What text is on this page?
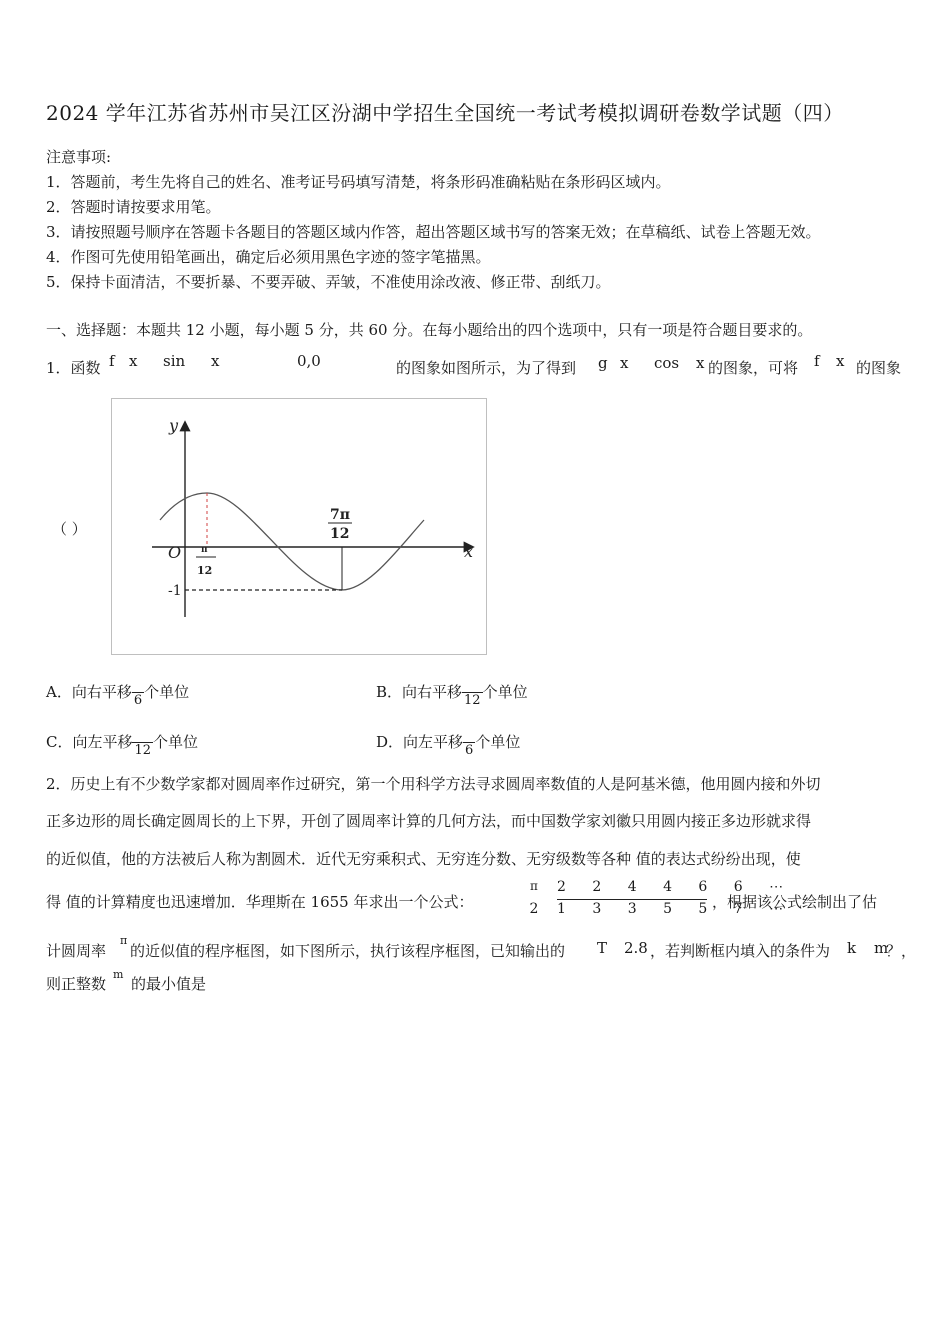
2024 学年江苏省苏州市吴江区汾湖中学招生全国统一考试考模拟调研卷数学试题（四）
注意事项:
1．答题前，考生先将自己的姓名、准考证号码填写清楚，将条形码准确粘贴在条形码区域内。
2．答题时请按要求用笔。
3．请按照题号顺序在答题卡各题目的答题区域内作答，超出答题区域书写的答案无效；在草稿纸、试卷上答题无效。
4．作图可先使用铅笔画出，确定后必须用黑色字迹的签字笔描黑。
5．保持卡面清洁，不要折暴、不要弄破、弄皱，不准使用涂改液、修正带、刮纸刀。
一、选择题：本题共 12 小题，每小题 5 分，共 60 分。在每小题给出的四个选项中，只有一项是符合题目要求的。
1．函数 f x sin x	0,0	的图象如图所示，为了得到 g x cos x 的图象，可将 f x 的图象
（ ）
y
x
O π
12
7π
12
-1
A．向右平移
6 个单位	B．向右平移
12 个单位
C．向左平移
12 个单位	D．向左平移
6 个单位
2．历史上有不少数学家都对圆周率作过研究，第一个用科学方法寻求圆周率数值的人是阿基米德，他用圆内接和外切
正多边形的周长确定圆周长的上下界，开创了圆周率计算的几何方法，而中国数学家刘徽只用圆内接正多边形就求得
的近似值，他的方法被后人称为割圆术．近代无穷乘积式、无穷连分数、无穷级数等各种 值的表达式纷纷出现，使
得 值的计算精度也迅速增加．华理斯在 1655 年求出一个公式：
π
2
2 2 4 4 6 6 ⋯
1 3 3 5 5 7 ⋯
，根据该公式绘制出了估
计圆周率
π
的近似值的程序框图，如下图所示，执行该程序框图，已知输出的 T 2.8 ，若判断框内填入的条件为 k m
？，
则正整数
m
的最小值是
